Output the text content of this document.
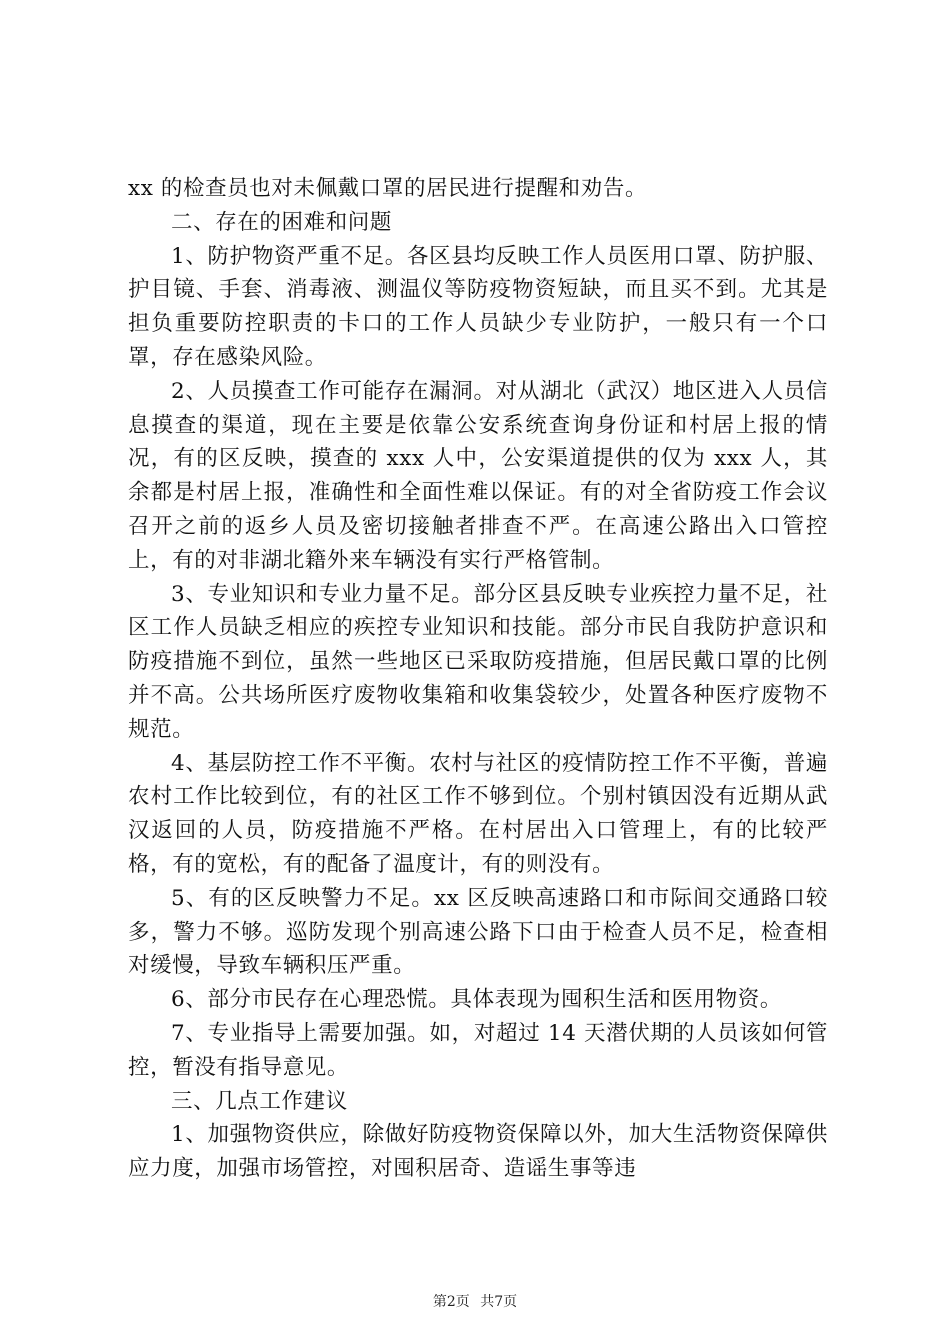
xx 的检查员也对未佩戴口罩的居民进行提醒和劝告。

二、存在的困难和问题

1、防护物资严重不足。各区县均反映工作人员医用口罩、防护服、护目镜、手套、消毒液、测温仪等防疫物资短缺，而且买不到。尤其是担负重要防控职责的卡口的工作人员缺少专业防护，一般只有一个口罩，存在感染风险。

2、人员摸查工作可能存在漏洞。对从湖北（武汉）地区进入人员信息摸查的渠道，现在主要是依靠公安系统查询身份证和村居上报的情况，有的区反映，摸查的 xxx 人中，公安渠道提供的仅为 xxx 人，其余都是村居上报，准确性和全面性难以保证。有的对全省防疫工作会议召开之前的返乡人员及密切接触者排查不严。在高速公路出入口管控上，有的对非湖北籍外来车辆没有实行严格管制。

3、专业知识和专业力量不足。部分区县反映专业疾控力量不足，社区工作人员缺乏相应的疾控专业知识和技能。部分市民自我防护意识和防疫措施不到位，虽然一些地区已采取防疫措施，但居民戴口罩的比例并不高。公共场所医疗废物收集箱和收集袋较少，处置各种医疗废物不规范。

4、基层防控工作不平衡。农村与社区的疫情防控工作不平衡，普遍农村工作比较到位，有的社区工作不够到位。个别村镇因没有近期从武汉返回的人员，防疫措施不严格。在村居出入口管理上，有的比较严格，有的宽松，有的配备了温度计，有的则没有。

5、有的区反映警力不足。xx 区反映高速路口和市际间交通路口较多，警力不够。巡防发现个别高速公路下口由于检查人员不足，检查相对缓慢，导致车辆积压严重。

6、部分市民存在心理恐慌。具体表现为囤积生活和医用物资。

7、专业指导上需要加强。如，对超过 14 天潜伏期的人员该如何管控，暂没有指导意见。

三、几点工作建议

1、加强物资供应，除做好防疫物资保障以外，加大生活物资保障供应力度，加强市场管控，对囤积居奇、造谣生事等违

第2页 共7页
